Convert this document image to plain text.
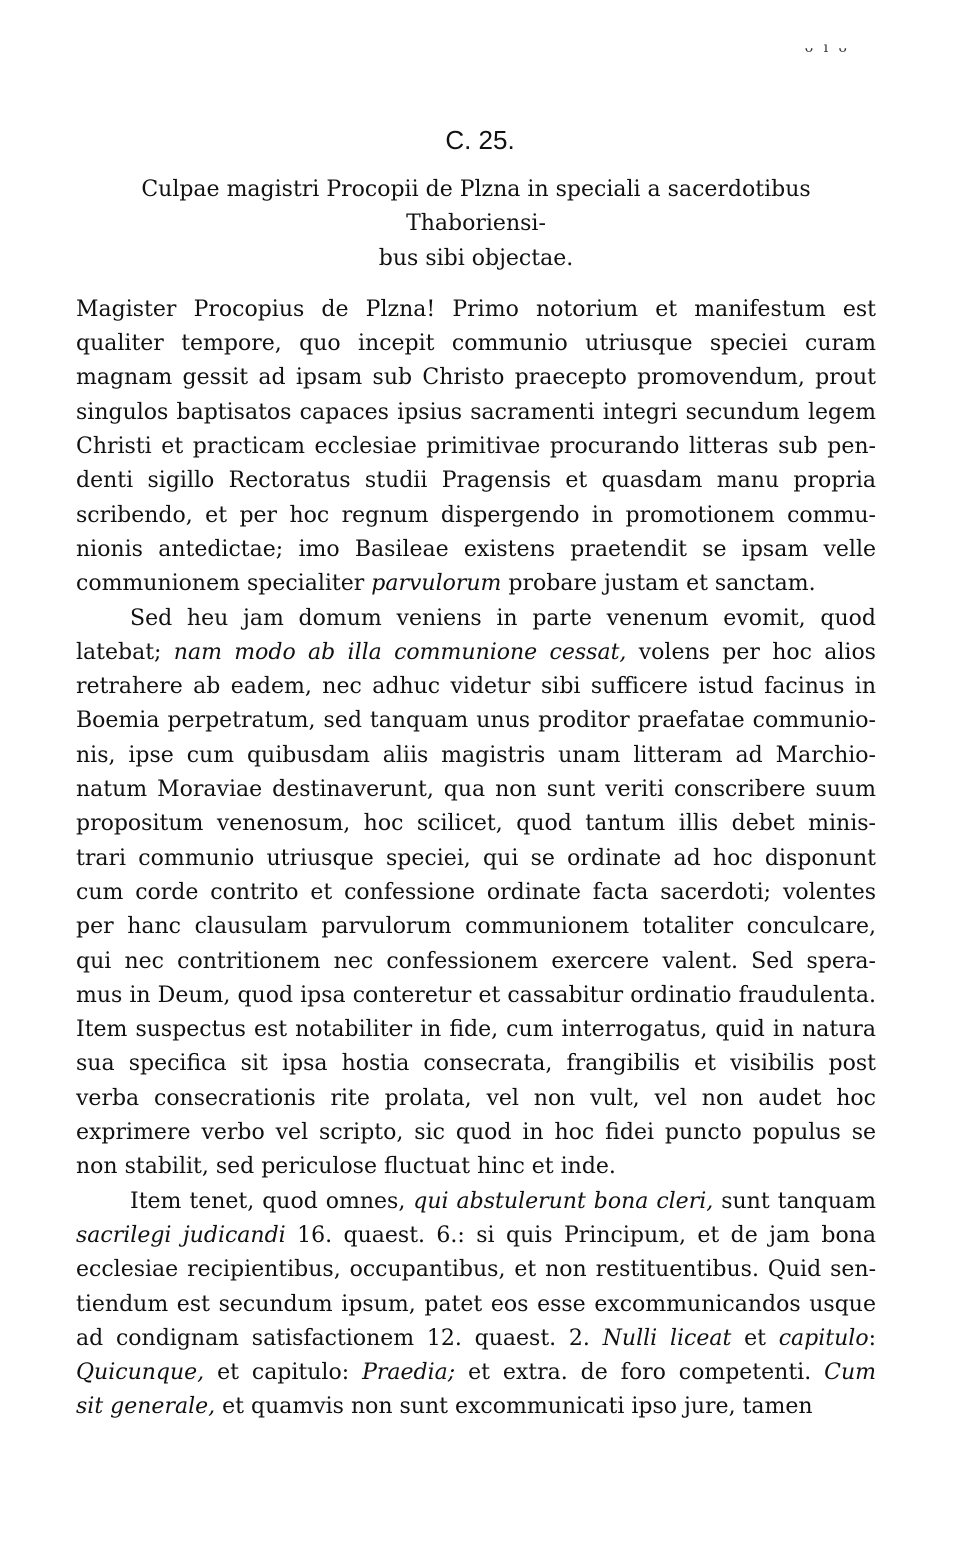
ᴗ ı ᴗ
C. 25.
Culpae magistri Procopii de Plzna in speciali a sacerdotibus Thaboriensi-
bus sibi objectae.
Magister Procopius de Plzna! Primo notorium et manifestum est
qualiter tempore, quo incepit communio utriusque speciei curam
magnam gessit ad ipsam sub Christo praecepto promovendum, prout
singulos baptisatos capaces ipsius sacramenti integri secundum legem
Christi et practicam ecclesiae primitivae procurando litteras sub pen-
denti sigillo Rectoratus studii Pragensis et quasdam manu propria
scribendo, et per hoc regnum dispergendo in promotionem commu-
nionis antedictae; imo Basileae existens praetendit se ipsam velle
communionem specialiter parvulorum probare justam et sanctam.
Sed heu jam domum veniens in parte venenum evomit, quod
latebat; nam modo ab illa communione cessat, volens per hoc alios
retrahere ab eadem, nec adhuc videtur sibi sufficere istud facinus in
Boemia perpetratum, sed tanquam unus proditor praefatae communio-
nis, ipse cum quibusdam aliis magistris unam litteram ad Marchio-
natum Moraviae destinaverunt, qua non sunt veriti conscribere suum
propositum venenosum, hoc scilicet, quod tantum illis debet minis-
trari communio utriusque speciei, qui se ordinate ad hoc disponunt
cum corde contrito et confessione ordinate facta sacerdoti; volentes
per hanc clausulam parvulorum communionem totaliter conculcare,
qui nec contritionem nec confessionem exercere valent. Sed spera-
mus in Deum, quod ipsa conteretur et cassabitur ordinatio fraudulenta.
Item suspectus est notabiliter in fide, cum interrogatus, quid in natura
sua specifica sit ipsa hostia consecrata, frangibilis et visibilis post
verba consecrationis rite prolata, vel non vult, vel non audet hoc
exprimere verbo vel scripto, sic quod in hoc fidei puncto populus se
non stabilit, sed periculose fluctuat hinc et inde.
Item tenet, quod omnes, qui abstulerunt bona cleri, sunt tanquam
sacrilegi judicandi 16. quaest. 6.: si quis Principum, et de jam bona
ecclesiae recipientibus, occupantibus, et non restituentibus. Quid sen-
tiendum est secundum ipsum, patet eos esse excommunicandos usque
ad condignam satisfactionem 12. quaest. 2. Nulli liceat et capitulo:
Quicunque, et capitulo: Praedia; et extra. de foro competenti. Cum
sit generale, et quamvis non sunt excommunicati ipso jure, tamen
